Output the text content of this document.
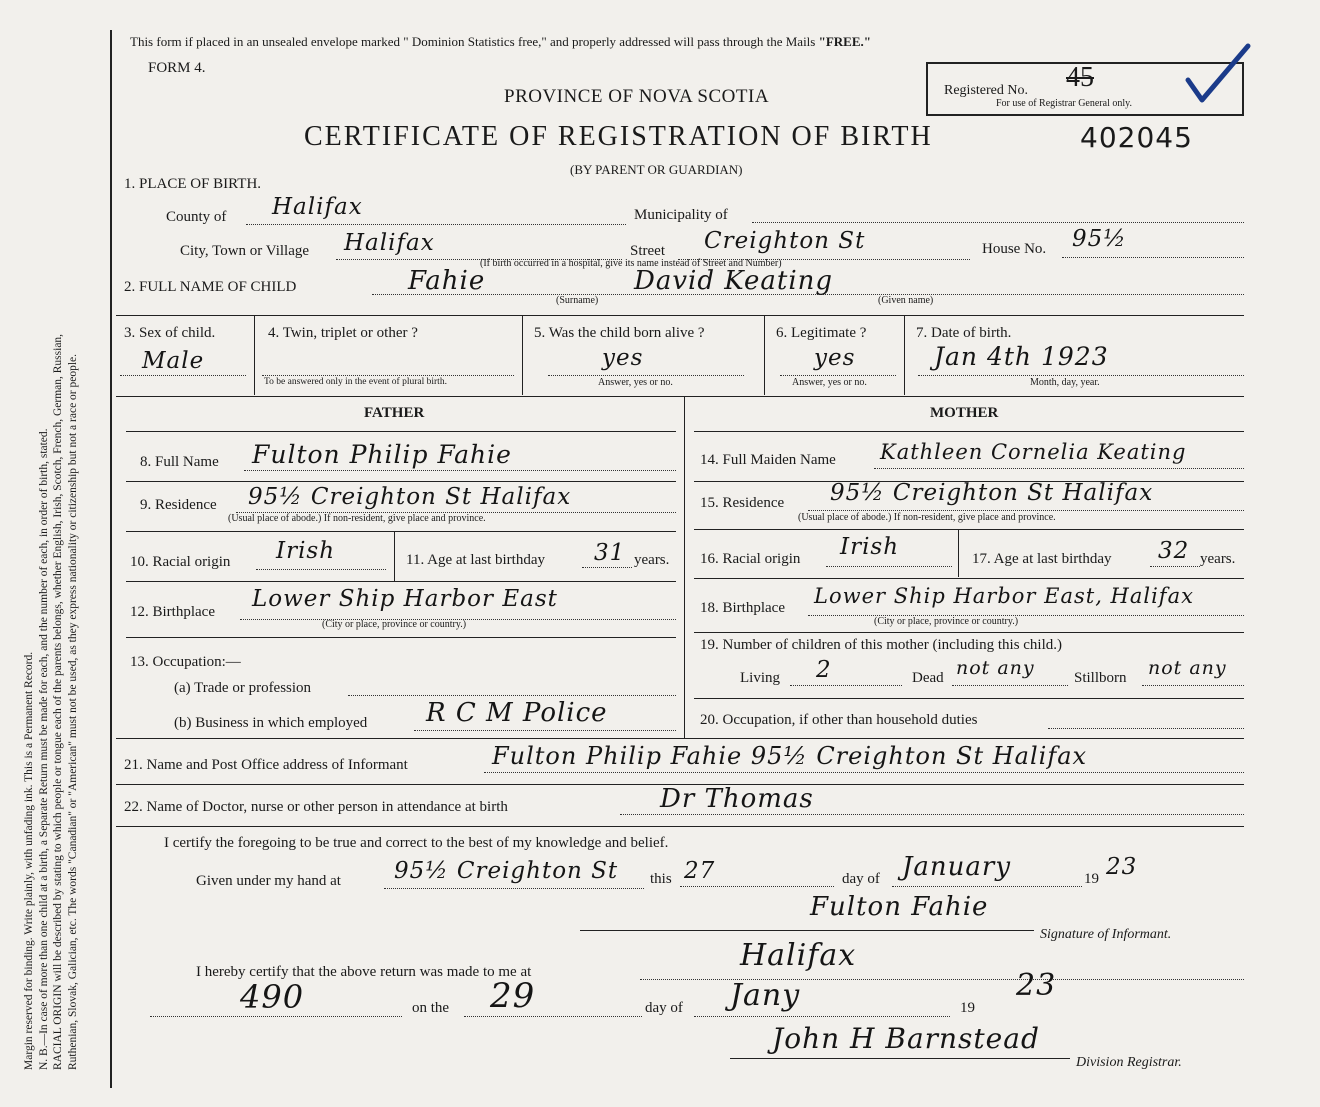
Margin reserved for binding. Write plainly, with unfading ink. This is a Permanent Record. N. B.—In case of more than one child at a birth, a Separate Return must be made for each, and the number of each, in order of birth, stated. RACIAL ORIGIN will be described by stating to which people or tongue each of the parents belongs, whether English, Irish, Scotch, French, German, Russian, Ruthenian, Slovak, Galician, etc. The words "Canadian" or "American" must not be used, as they express nationality or citizenship but not a race or people.
This form if placed in an unsealed envelope marked " Dominion Statistics free," and properly addressed will pass through the Mails "FREE."
FORM 4.
PROVINCE OF NOVA SCOTIA
CERTIFICATE OF REGISTRATION OF BIRTH	402045
(BY PARENT OR GUARDIAN)
Registered No. 45
For use of Registrar General only.
1. PLACE OF BIRTH.
County of Halifax	Municipality of
City, Town or Village Halifax	Street Creighton St	House No. 95½
(If birth occurred in a hospital, give its name instead of Street and Number)
2. FULL NAME OF CHILD	Fahie	David Keating
(Surname)	(Given name)
3. Sex of child.
Male
4. Twin, triplet or other ?
To be answered only in the event of plural birth.
5. Was the child born alive ?
yes
Answer, yes or no.
6. Legitimate ?
yes
Answer, yes or no.
7. Date of birth.
Jan 4th 1923
Month, day, year.
FATHER	MOTHER
8. Full Name Fulton Philip Fahie
9. Residence 95½ Creighton St Halifax
(Usual place of abode.) If non-resident, give place and province.
10. Racial origin Irish	11. Age at last birthday 31 years.
12. Birthplace Lower Ship Harbor East
(City or place, province or country.)
13. Occupation:—
(a) Trade or profession
(b) Business in which employed R C M Police
14. Full Maiden Name Kathleen Cornelia Keating
15. Residence 95½ Creighton St Halifax
(Usual place of abode.) If non-resident, give place and province.
16. Racial origin Irish	17. Age at last birthday 32 years.
18. Birthplace Lower Ship Harbor East, Halifax
(City or place, province or country.)
19. Number of children of this mother (including this child.)
Living 2	Dead not any	Stillborn not any
20. Occupation, if other than household duties
21. Name and Post Office address of Informant	Fulton Philip Fahie 95½ Creighton St Halifax
22. Name of Doctor, nurse or other person in attendance at birth	Dr Thomas
I certify the foregoing to be true and correct to the best of my knowledge and belief.
Given under my hand at 95½ Creighton St this 27	day of January	19 23
Fulton Fahie
Signature of Informant.
I hereby certify that the above return was made to me at	Halifax
490	on the 29	day of Jany	19
23
John H Barnstead
Division Registrar.
